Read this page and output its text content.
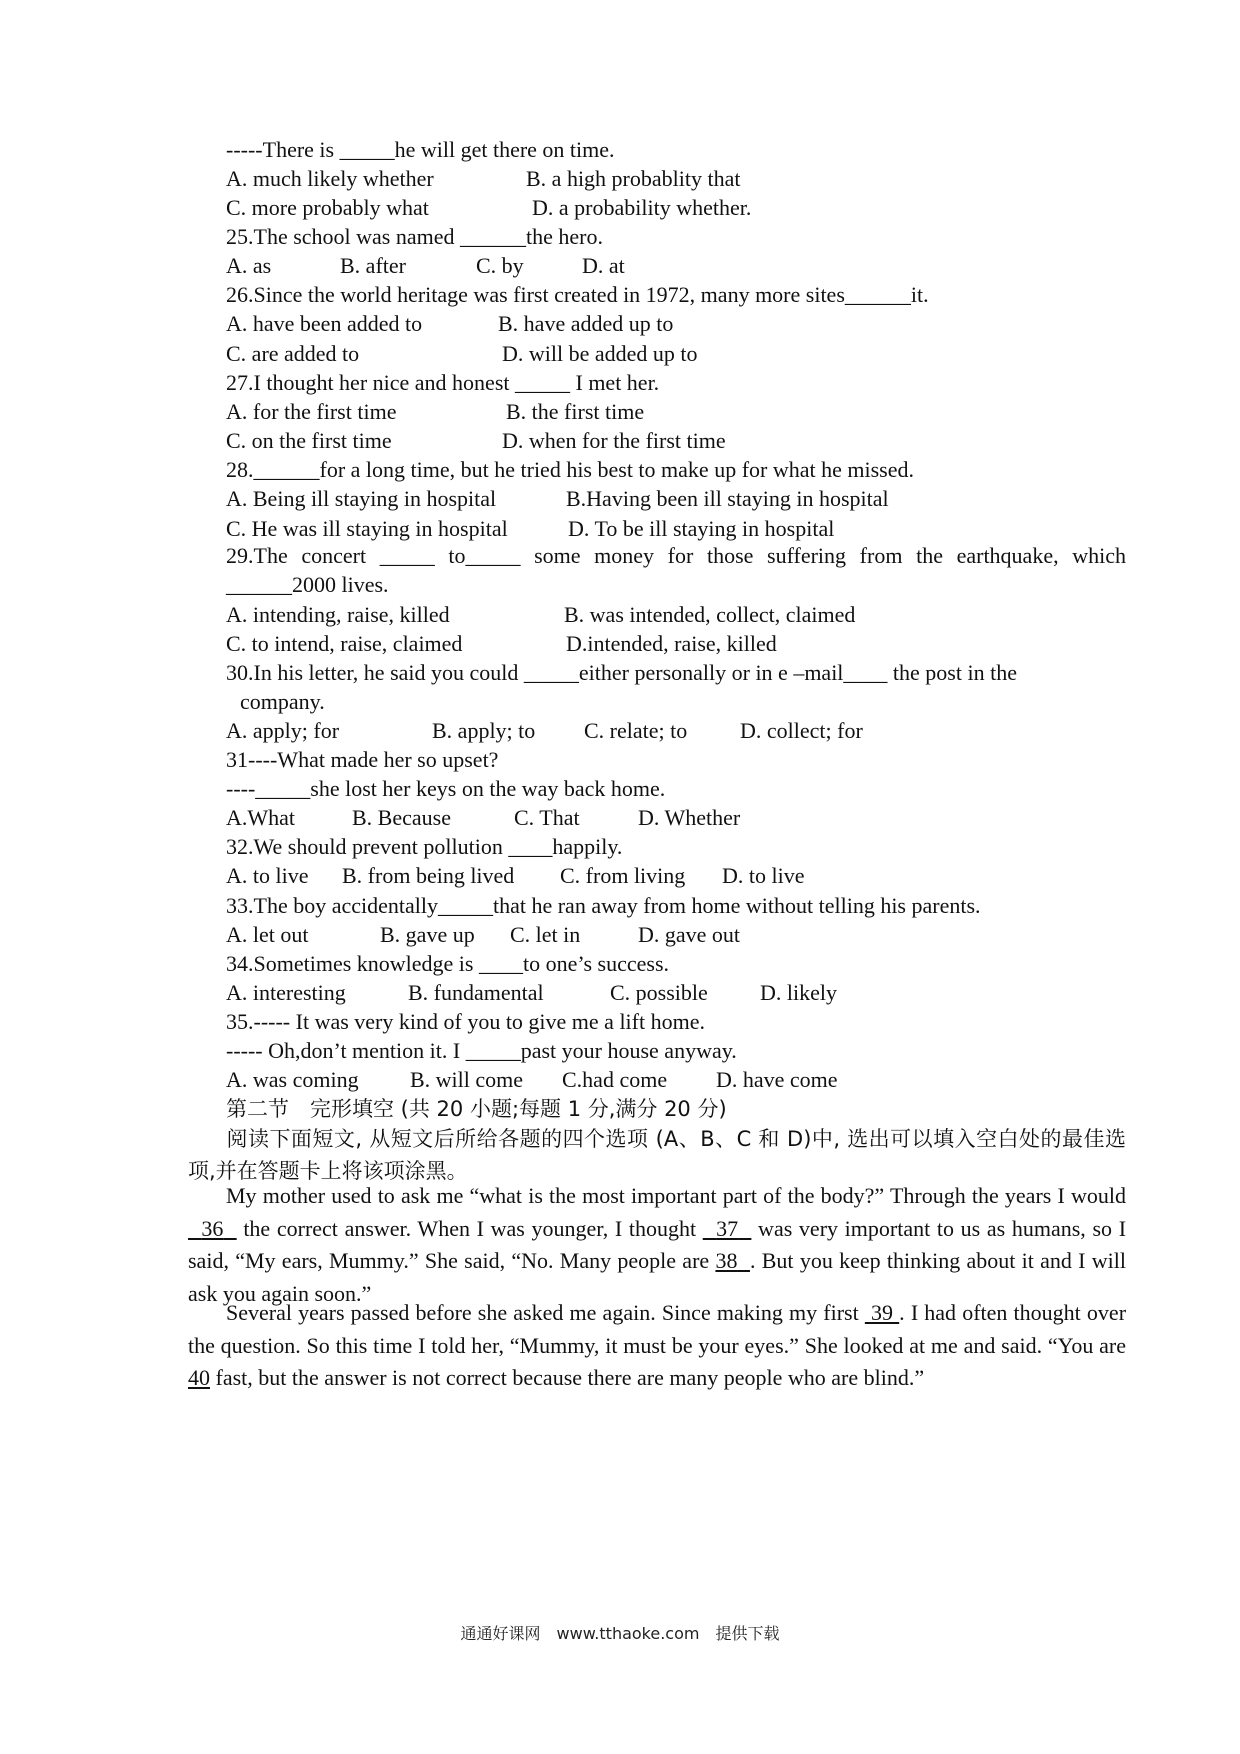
-----There is _____he will get there on time.
A. much likely whether	B. a high probablity that
C. more probably what	D. a probability whether.
25.The school was named ______the hero.
A. as	B. after	C. by	D. at
26.Since the world heritage was first created in 1972, many more sites______it.
A. have been added to	B. have added up to
C. are added to	D. will be added up to
27.I thought her nice and honest _____ I met her.
A. for the first time	B. the first time
C. on the first time	D. when for the first time
28.______for a long time, but he tried his best to make up for what he missed.
A. Being ill staying in hospital	B.Having been ill staying in hospital
C. He was ill staying in hospital	D. To be ill staying in hospital
29.The concert _____ to_____ some money for those suffering from the earthquake, which ______2000 lives.
A. intending, raise, killed	B. was intended, collect, claimed
C. to intend, raise, claimed	D.intended, raise, killed
30.In his letter, he said you could _____either personally or in e –mail____ the post in the
company.
A. apply; for	B. apply; to C. relate; to D. collect; for
31----What made her so upset?
----_____she lost her keys on the way back home.
A.What	B. Because	C. That	D. Whether
32.We should prevent pollution ____happily.
A. to live B. from being lived C. from living D. to live
33.The boy accidentally_____that he ran away from home without telling his parents.
A. let out	B. gave up C. let in	D. gave out
34.Sometimes knowledge is ____to one’s success.
A. interesting	B. fundamental	C. possible D. likely
35.----- It was very kind of you to give me a lift home.
----- Oh,don’t mention it. I _____past your house anyway.
A. was coming B. will come C.had come D. have come
第二节　完形填空 (共 20 小题;每题 1 分,满分 20 分)
阅读下面短文, 从短文后所给各题的四个选项 (A、B、C 和 D)中, 选出可以填入空白处的最佳选项,并在答题卡上将该项涂黑。
My mother used to ask me “what is the most important part of the body?” Through the years I would   36   the correct answer. When I was younger, I thought   37   was very important to us as humans, so I said, “My ears, Mummy.” She said, “No. Many people are 38 . But you keep thinking about it and I will ask you again soon.”
Several years passed before she asked me again. Since making my first  39 . I had often thought over the question. So this time I told her, “Mummy, it must be your eyes.” She looked at me and said. “You are 40 fast, but the answer is not correct because there are many people who are blind.”
通通好课网　www.tthaoke.com　提供下载
